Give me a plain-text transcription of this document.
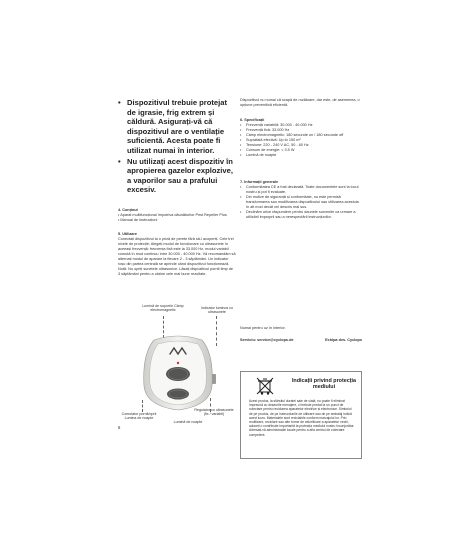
• Dispozitivul trebuie protejat de igrasie, frig extrem și căldură. Asigurați-vă că dispozitivul are o ventilație suficientă. Acesta poate fi utilizat numai în interior.
• Nu utilizați acest dispozitiv în apropierea gazelor explozive, a vaporilor sau a prafului excesiv.
4. Conținut
• Aparat multifuncțional împotriva dăunătorilor Pest Repeller Plus
• Manual de instrucțiuni
5. Utilizare
Conectați dispozitivul la o priză de perete fără să-l acoperiți. Cele trei nivele de protecție: Alegeți modul de funcționare cu ultrasunete în aceeași frecvență: frecvența fixă este la 33.000 Hz, modul variabil comută în mod continuu între 30.000 - 40.000 Hz. Vă recomandăm să alternați modul de aparare la fiecare 2 - 3 săptămâni. Un indicator roșu din partea centrală se aprinde când dispozitivul funcționează.
Notă: Nu opriți sunetele ultrasonice. Lăsați dispozitivul pornit timp de 3 săptămâni pentru a obține cele mai bune rezultate.
Lumină de suport/e Câmp electromagnetic
Indicator luminos cu ultrasunete
Comutator pornit/oprit Lumina de noapte
Regulator cu ultrasunete (fix / variabil)
Lumină de noapte
6
Dispozitivul nu numai că scapă de rozătoare, dar este, de asemenea, o opțiune prevenitivă eficientă.
6. Specificații
• Frecvență variabilă: 30.000 - 40.000 Hz
• Frecvență fixă: 33.000 Hz
• Câmp electromagnetic: 180 secunde on / 180 secunde off
• Suprafață efectivă: Up to 150 m²
• Tensiune: 220 - 240 V AC, 50 - 60 Hz
• Consum de energie: < 3.5 W
• Lumină de noapte
7. Informații generale
• Conformitatea CE a fost declarată. Toate documentele sunt la locul nostru și pot fi evaluate.
• Din motive de siguranță și conformitate, nu este permisă transformarea sau modificarea dispozitivului sau utilizarea acestuia în alt mod decât cel descris mai sus.
• Declinăm orice răspundere pentru daunele survenite ca urmare a utilizării improprii sau a nerespectării instrucțiunilor.
Numai pentru uz în interior.
Serviciu: service@cyclops.de	Echipa dvs. Cyclops
Indicații privind protecția mediului
Acest produs, la sfârșitul duratei sale de viață, nu poate fi eliminat împreună cu deșeurile menajere, ci trebuie predat la un punct de colectare pentru reciclarea aparatelor electrice și electronice. Simbolul de pe produs, de pe instrucțiunile de utilizare sau de pe ambalaj indică acest lucru. Materialele sunt reciclabile conform marcajului lor. Prin reutilizare, reciclare sau alte forme de valorificare a aparatelor vechi, aduceți o contribuție importantă la protecția mediului nostru înconjurător. Adresați-vă administrației locale pentru a afla centrul de colectare competent.
